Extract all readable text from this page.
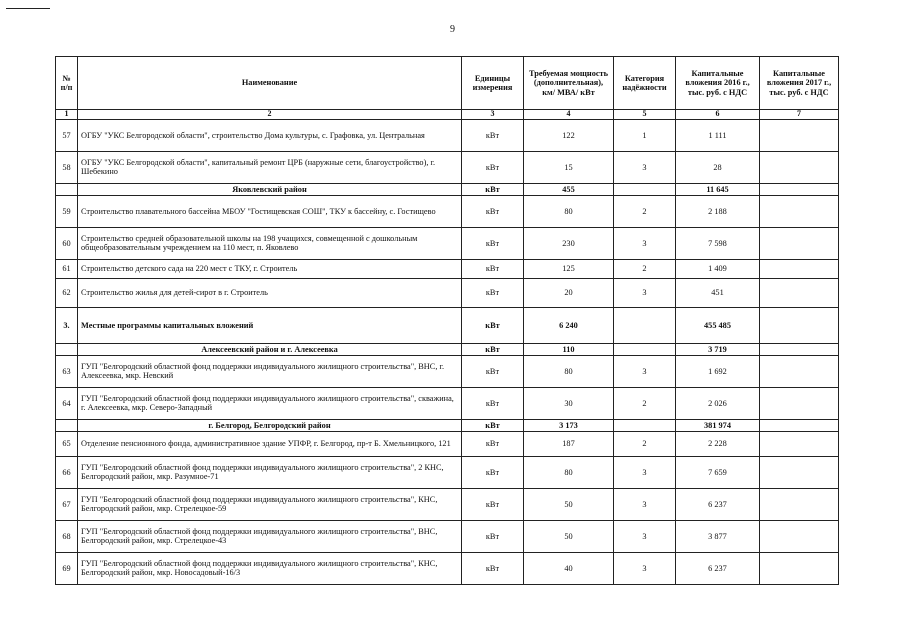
9
№ п/п	Наименование	Единицы измерения	Требуемая мощность (дополнительная), км/ МВА/ кВт	Категория надёжности	Капитальные вложения 2016 г., тыс. руб. с НДС	Капитальные вложения 2017 г., тыс. руб. с НДС
1	2	3	4	5	6	7
57	ОГБУ "УКС Белгородской области", строительство Дома культуры, с. Графовка, ул. Центральная	кВт	122	1	1 111	
58	ОГБУ "УКС Белгородской области", капитальный ремонт ЦРБ (наружные сети, благоустройство), г. Шебекино	кВт	15	3	28	
	Яковлевский район	кВт	455		11 645	
59	Строительство плавательного бассейна МБОУ "Гостищевская СОШ", ТКУ к бассейну, с. Гостищево	кВт	80	2	2 188	
60	Строительство средней образовательной школы на 198 учащихся, совмещенной с дошкольным общеобразовательным учреждением на 110 мест, п. Яковлево	кВт	230	3	7 598	
61	Строительство детского сада на 220 мест с ТКУ, г. Строитель	кВт	125	2	1 409	
62	Строительство жилья для детей-сирот в г. Строитель	кВт	20	3	451	
3.	Местные программы капитальных вложений	кВт	6 240		455 485	
	Алексеевский район и г. Алексеевка	кВт	110		3 719	
63	ГУП "Белгородский областной фонд поддержки индивидуального жилищного строительства", ВНС, г. Алексеевка, мкр. Невский	кВт	80	3	1 692	
64	ГУП "Белгородский областной фонд поддержки индивидуального жилищного строительства", скважина, г. Алексеевка, мкр. Северо-Западный	кВт	30	2	2 026	
	г. Белгород, Белгородский район	кВт	3 173		381 974	
65	Отделение пенсионного фонда, административное здание УПФР, г. Белгород, пр-т Б. Хмельницкого, 121	кВт	187	2	2 228	
66	ГУП "Белгородский областной фонд поддержки индивидуального жилищного строительства", 2 КНС, Белгородский район, мкр. Разумное-71	кВт	80	3	7 659	
67	ГУП "Белгородский областной фонд поддержки индивидуального жилищного строительства", КНС, Белгородский район, мкр. Стрелецкое-59	кВт	50	3	6 237	
68	ГУП "Белгородский областной фонд поддержки индивидуального жилищного строительства", ВНС, Белгородский район, мкр. Стрелецкое-43	кВт	50	3	3 877	
69	ГУП "Белгородский областной фонд поддержки индивидуального жилищного строительства", КНС, Белгородский район, мкр. Новосадовый-16/3	кВт	40	3	6 237	
